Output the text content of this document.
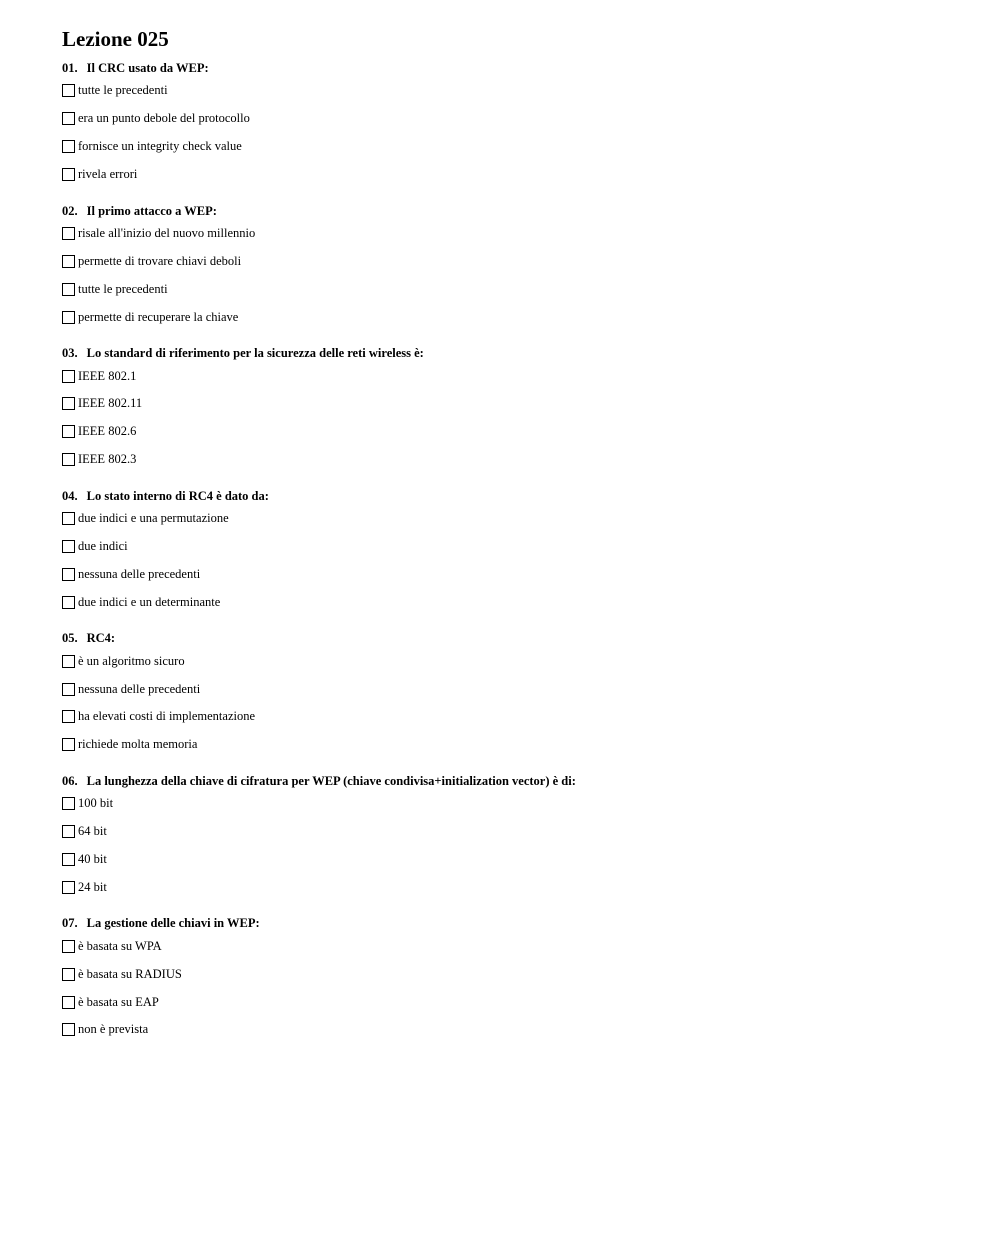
Lezione 025
01. Il CRC usato da WEP:
tutte le precedenti
era un punto debole del protocollo
fornisce un integrity check value
rivela errori
02. Il primo attacco a WEP:
risale all'inizio del nuovo millennio
permette di trovare chiavi deboli
tutte le precedenti
permette di recuperare la chiave
03. Lo standard di riferimento per la sicurezza delle reti wireless è:
IEEE 802.1
IEEE 802.11
IEEE 802.6
IEEE 802.3
04. Lo stato interno di RC4 è dato da:
due indici e una permutazione
due indici
nessuna delle precedenti
due indici e un determinante
05. RC4:
è un algoritmo sicuro
nessuna delle precedenti
ha elevati costi di implementazione
richiede molta memoria
06. La lunghezza della chiave di cifratura per WEP (chiave condivisa+initialization vector) è di:
100 bit
64 bit
40 bit
24 bit
07. La gestione delle chiavi in WEP:
è basata su WPA
è basata su RADIUS
è basata su EAP
non è prevista
